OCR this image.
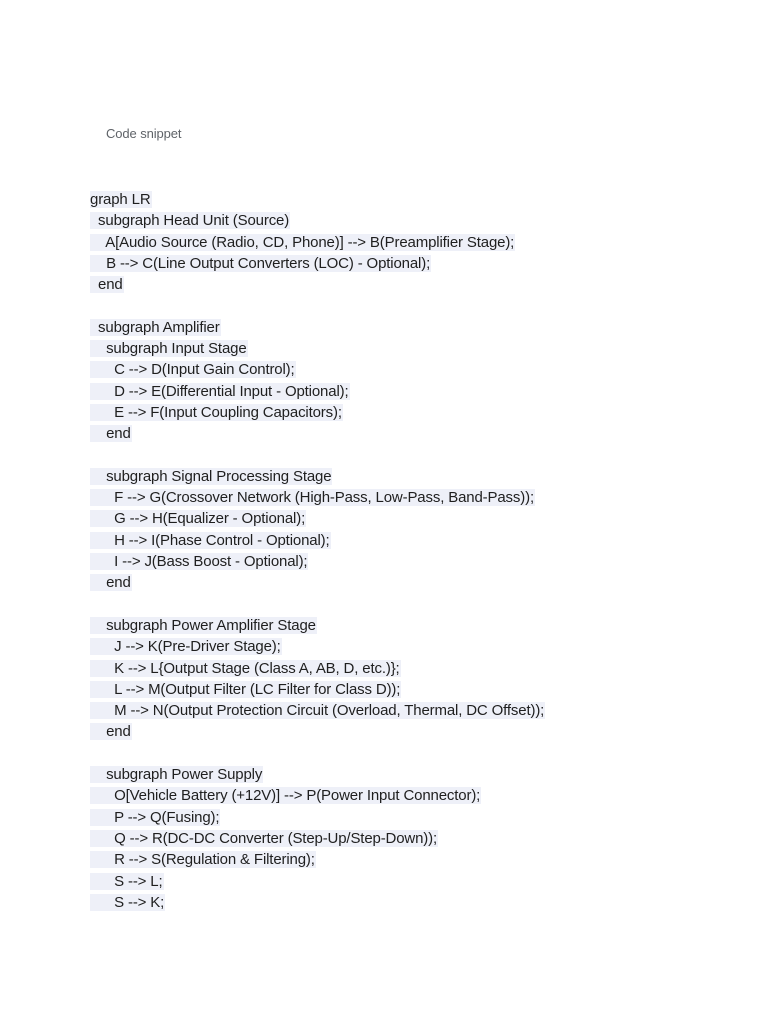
Code snippet
graph LR
subgraph Head Unit (Source)
A[Audio Source (Radio, CD, Phone)] --> B(Preamplifier Stage);
B --> C(Line Output Converters (LOC) - Optional);
end
subgraph Amplifier
subgraph Input Stage
C --> D(Input Gain Control);
D --> E(Differential Input - Optional);
E --> F(Input Coupling Capacitors);
end
subgraph Signal Processing Stage
F --> G(Crossover Network (High-Pass, Low-Pass, Band-Pass));
G --> H(Equalizer - Optional);
H --> I(Phase Control - Optional);
I --> J(Bass Boost - Optional);
end
subgraph Power Amplifier Stage
J --> K(Pre-Driver Stage);
K --> L{Output Stage (Class A, AB, D, etc.)};
L --> M(Output Filter (LC Filter for Class D));
M --> N(Output Protection Circuit (Overload, Thermal, DC Offset));
end
subgraph Power Supply
O[Vehicle Battery (+12V)] --> P(Power Input Connector);
P --> Q(Fusing);
Q --> R(DC-DC Converter (Step-Up/Step-Down));
R --> S(Regulation & Filtering);
S --> L;
S --> K;
